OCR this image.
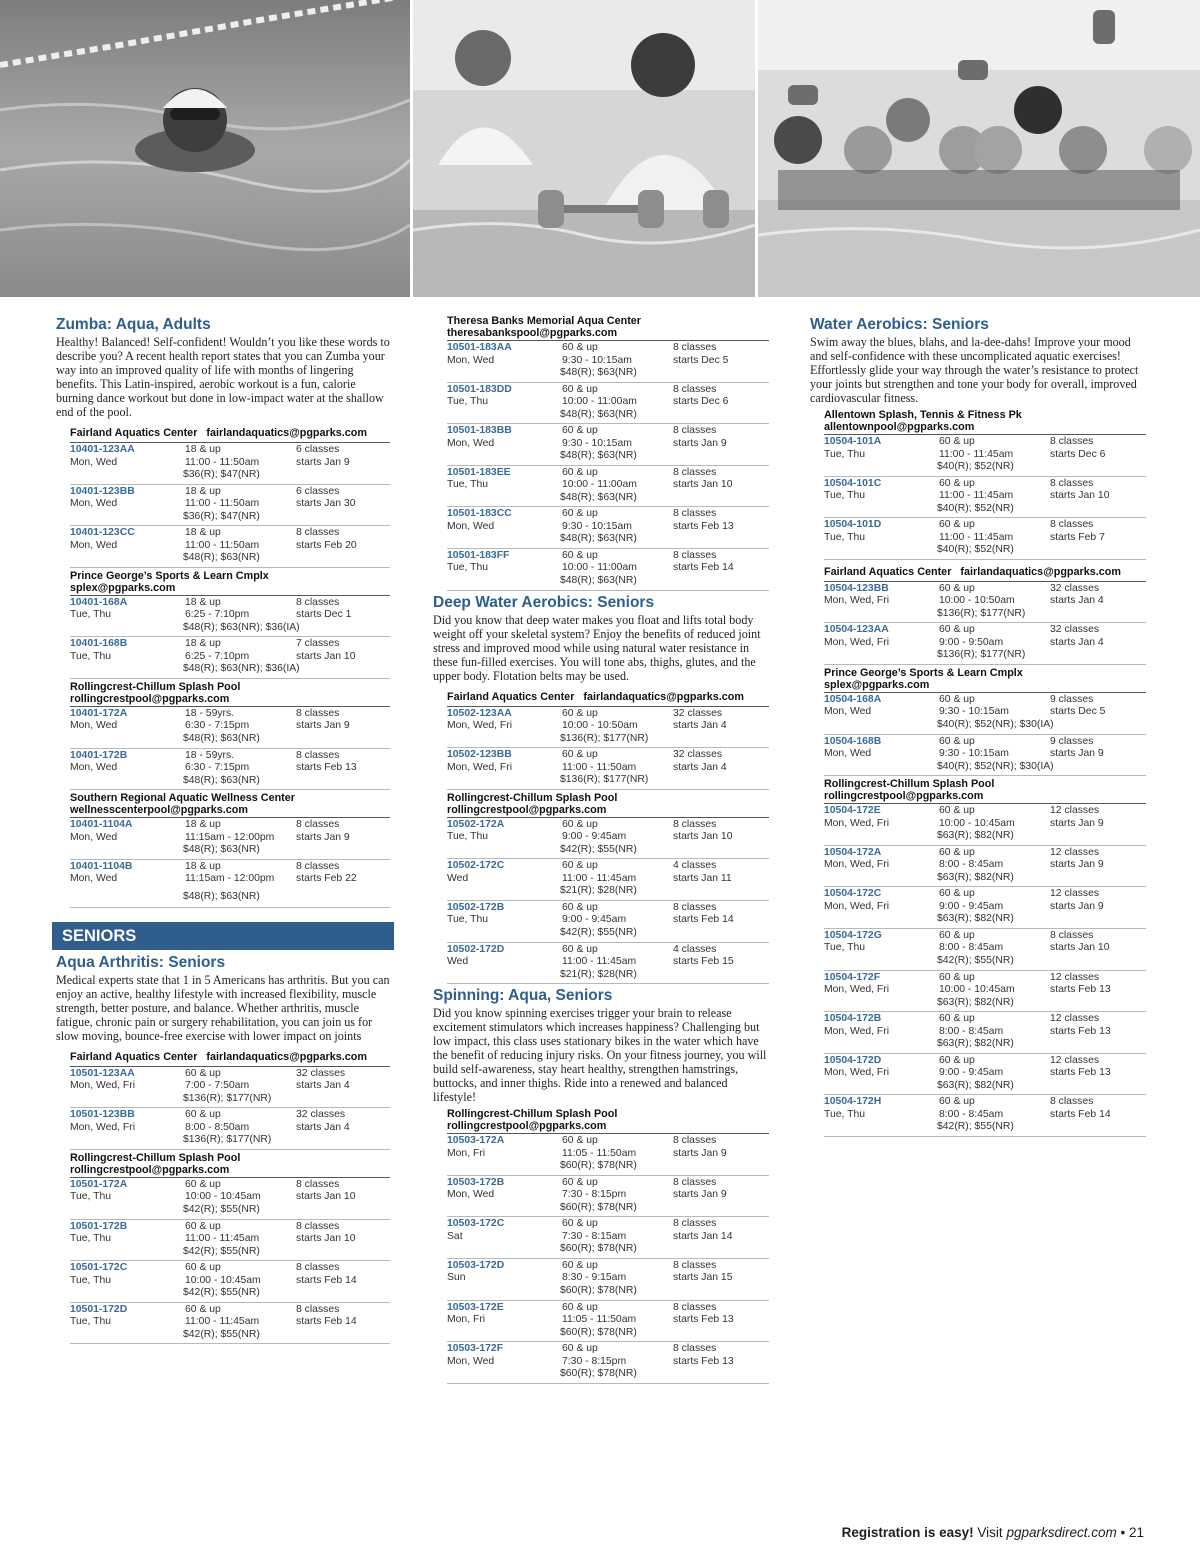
Zumba: Aqua, Adults
Healthy! Balanced! Self-confident! Wouldn’t you like these words to describe you? A recent health report states that you can Zumba your way into an improved quality of life with months of lingering benefits. This Latin-inspired, aerobic workout is a fun, calorie burning dance workout but done in low-impact water at the shallow end of the pool.
Fairland Aquatics Center fairlandaquatics@pgparks.com
10401-123AA
Mon, Wed
18 & up
11:00 - 11:50am
$36(R); $47(NR)
6 classes
starts Jan 9
10401-123BB
Mon, Wed
18 & up
11:00 - 11:50am
$36(R); $47(NR)
6 classes
starts Jan 30
10401-123CC
Mon, Wed
18 & up
11:00 - 11:50am
$48(R); $63(NR)
8 classes
starts Feb 20
Prince George’s Sports & Learn Cmplx
splex@pgparks.com
10401-168A
Tue, Thu
18 & up
6:25 - 7:10pm
$48(R); $63(NR); $36(IA)
8 classes
starts Dec 1
10401-168B
Tue, Thu
18 & up
6:25 - 7:10pm
$48(R); $63(NR); $36(IA)
7 classes
starts Jan 10
Rollingcrest-Chillum Splash Pool
rollingcrestpool@pgparks.com
10401-172A
Mon, Wed
18 - 59yrs.
6:30 - 7:15pm
$48(R); $63(NR)
8 classes
starts Jan 9
10401-172B
Mon, Wed
18 - 59yrs.
6:30 - 7:15pm
$48(R); $63(NR)
8 classes
starts Feb 13
Southern Regional Aquatic Wellness Center
wellnesscenterpool@pgparks.com
10401-1104A
Mon, Wed
18 & up
11:15am - 12:00pm
$48(R); $63(NR)
8 classes
starts Jan 9
10401-1104B
Mon, Wed
18 & up
11:15am - 12:00pm
$48(R); $63(NR)
8 classes
starts Feb 22
SENIORS
Aqua Arthritis: Seniors
Medical experts state that 1 in 5 Americans has arthritis. But you can enjoy an active, healthy lifestyle with increased flexibility, muscle strength, better posture, and balance. Whether arthritis, muscle fatigue, chronic pain or surgery rehabilitation, you can join us for slow moving, bounce-free exercise with lower impact on joints
Fairland Aquatics Center fairlandaquatics@pgparks.com
10501-123AA
Mon, Wed, Fri
60 & up
7:00 - 7:50am
$136(R); $177(NR)
32 classes
starts Jan 4
10501-123BB
Mon, Wed, Fri
60 & up
8:00 - 8:50am
$136(R); $177(NR)
32 classes
starts Jan 4
Rollingcrest-Chillum Splash Pool
rollingcrestpool@pgparks.com
10501-172A
Tue, Thu
60 & up
10:00 - 10:45am
$42(R); $55(NR)
8 classes
starts Jan 10
10501-172B
Tue, Thu
60 & up
11:00 - 11:45am
$42(R); $55(NR)
8 classes
starts Jan 10
10501-172C
Tue, Thu
60 & up
10:00 - 10:45am
$42(R); $55(NR)
8 classes
starts Feb 14
10501-172D
Tue, Thu
60 & up
11:00 - 11:45am
$42(R); $55(NR)
8 classes
starts Feb 14
Theresa Banks Memorial Aqua Center
theresabankspool@pgparks.com
10501-183AA
Mon, Wed
60 & up
9:30 - 10:15am
$48(R); $63(NR)
8 classes
starts Dec 5
10501-183DD
Tue, Thu
60 & up
10:00 - 11:00am
$48(R); $63(NR)
8 classes
starts Dec 6
10501-183BB
Mon, Wed
60 & up
9:30 - 10:15am
$48(R); $63(NR)
8 classes
starts Jan 9
10501-183EE
Tue, Thu
60 & up
10:00 - 11:00am
$48(R); $63(NR)
8 classes
starts Jan 10
10501-183CC
Mon, Wed
60 & up
9:30 - 10:15am
$48(R); $63(NR)
8 classes
starts Feb 13
10501-183FF
Tue, Thu
60 & up
10:00 - 11:00am
$48(R); $63(NR)
8 classes
starts Feb 14
Deep Water Aerobics: Seniors
Did you know that deep water makes you float and lifts total body weight off your skeletal system? Enjoy the benefits of reduced joint stress and improved mood while using natural water resistance in these fun-filled exercises. You will tone abs, thighs, glutes, and the upper body. Flotation belts may be used.
Fairland Aquatics Center fairlandaquatics@pgparks.com
10502-123AA
Mon, Wed, Fri
60 & up
10:00 - 10:50am
$136(R); $177(NR)
32 classes
starts Jan 4
10502-123BB
Mon, Wed, Fri
60 & up
11:00 - 11:50am
$136(R); $177(NR)
32 classes
starts Jan 4
Rollingcrest-Chillum Splash Pool
rollingcrestpool@pgparks.com
10502-172A
Tue, Thu
60 & up
9:00 - 9:45am
$42(R); $55(NR)
8 classes
starts Jan 10
10502-172C
Wed
60 & up
11:00 - 11:45am
$21(R); $28(NR)
4 classes
starts Jan 11
10502-172B
Tue, Thu
60 & up
9:00 - 9:45am
$42(R); $55(NR)
8 classes
starts Feb 14
10502-172D
Wed
60 & up
11:00 - 11:45am
$21(R); $28(NR)
4 classes
starts Feb 15
Spinning: Aqua, Seniors
Did you know spinning exercises trigger your brain to release excitement stimulators which increases happiness? Challenging but low impact, this class uses stationary bikes in the water which have the benefit of reducing injury risks. On your fitness journey, you will build self-awareness, stay heart healthy, strengthen hamstrings, buttocks, and inner thighs. Ride into a renewed and balanced lifestyle!
Rollingcrest-Chillum Splash Pool
rollingcrestpool@pgparks.com
10503-172A
Mon, Fri
60 & up
11:05 - 11:50am
$60(R); $78(NR)
8 classes
starts Jan 9
10503-172B
Mon, Wed
60 & up
7:30 - 8:15pm
$60(R); $78(NR)
8 classes
starts Jan 9
10503-172C
Sat
60 & up
7:30 - 8:15am
$60(R); $78(NR)
8 classes
starts Jan 14
10503-172D
Sun
60 & up
8:30 - 9:15am
$60(R); $78(NR)
8 classes
starts Jan 15
10503-172E
Mon, Fri
60 & up
11:05 - 11:50am
$60(R); $78(NR)
8 classes
starts Feb 13
10503-172F
Mon, Wed
60 & up
7:30 - 8:15pm
$60(R); $78(NR)
8 classes
starts Feb 13
Water Aerobics: Seniors
Swim away the blues, blahs, and la-dee-dahs! Improve your mood and self-confidence with these uncomplicated aquatic exercises! Effortlessly glide your way through the water’s resistance to protect your joints but strengthen and tone your body for overall, improved cardiovascular fitness.
Allentown Splash, Tennis & Fitness Pk
allentownpool@pgparks.com
10504-101A
Tue, Thu
60 & up
11:00 - 11:45am
$40(R); $52(NR)
8 classes
starts Dec 6
10504-101C
Tue, Thu
60 & up
11:00 - 11:45am
$40(R); $52(NR)
8 classes
starts Jan 10
10504-101D
Tue, Thu
60 & up
11:00 - 11:45am
$40(R); $52(NR)
8 classes
starts Feb 7
Fairland Aquatics Center fairlandaquatics@pgparks.com
10504-123BB
Mon, Wed, Fri
60 & up
10:00 - 10:50am
$136(R); $177(NR)
32 classes
starts Jan 4
10504-123AA
Mon, Wed, Fri
60 & up
9:00 - 9:50am
$136(R); $177(NR)
32 classes
starts Jan 4
Prince George’s Sports & Learn Cmplx
splex@pgparks.com
10504-168A
Mon, Wed
60 & up
9:30 - 10:15am
$40(R); $52(NR); $30(IA)
9 classes
starts Dec 5
10504-168B
Mon, Wed
60 & up
9:30 - 10:15am
$40(R); $52(NR); $30(IA)
9 classes
starts Jan 9
Rollingcrest-Chillum Splash Pool
rollingcrestpool@pgparks.com
10504-172E
Mon, Wed, Fri
60 & up
10:00 - 10:45am
$63(R); $82(NR)
12 classes
starts Jan 9
10504-172A
Mon, Wed, Fri
60 & up
8:00 - 8:45am
$63(R); $82(NR)
12 classes
starts Jan 9
10504-172C
Mon, Wed, Fri
60 & up
9:00 - 9:45am
$63(R); $82(NR)
12 classes
starts Jan 9
10504-172G
Tue, Thu
60 & up
8:00 - 8:45am
$42(R); $55(NR)
8 classes
starts Jan 10
10504-172F
Mon, Wed, Fri
60 & up
10:00 - 10:45am
$63(R); $82(NR)
12 classes
starts Feb 13
10504-172B
Mon, Wed, Fri
60 & up
8:00 - 8:45am
$63(R); $82(NR)
12 classes
starts Feb 13
10504-172D
Mon, Wed, Fri
60 & up
9:00 - 9:45am
$63(R); $82(NR)
12 classes
starts Feb 13
10504-172H
Tue, Thu
60 & up
8:00 - 8:45am
$42(R); $55(NR)
8 classes
starts Feb 14
Registration is easy! Visit pgparksdirect.com • 21
